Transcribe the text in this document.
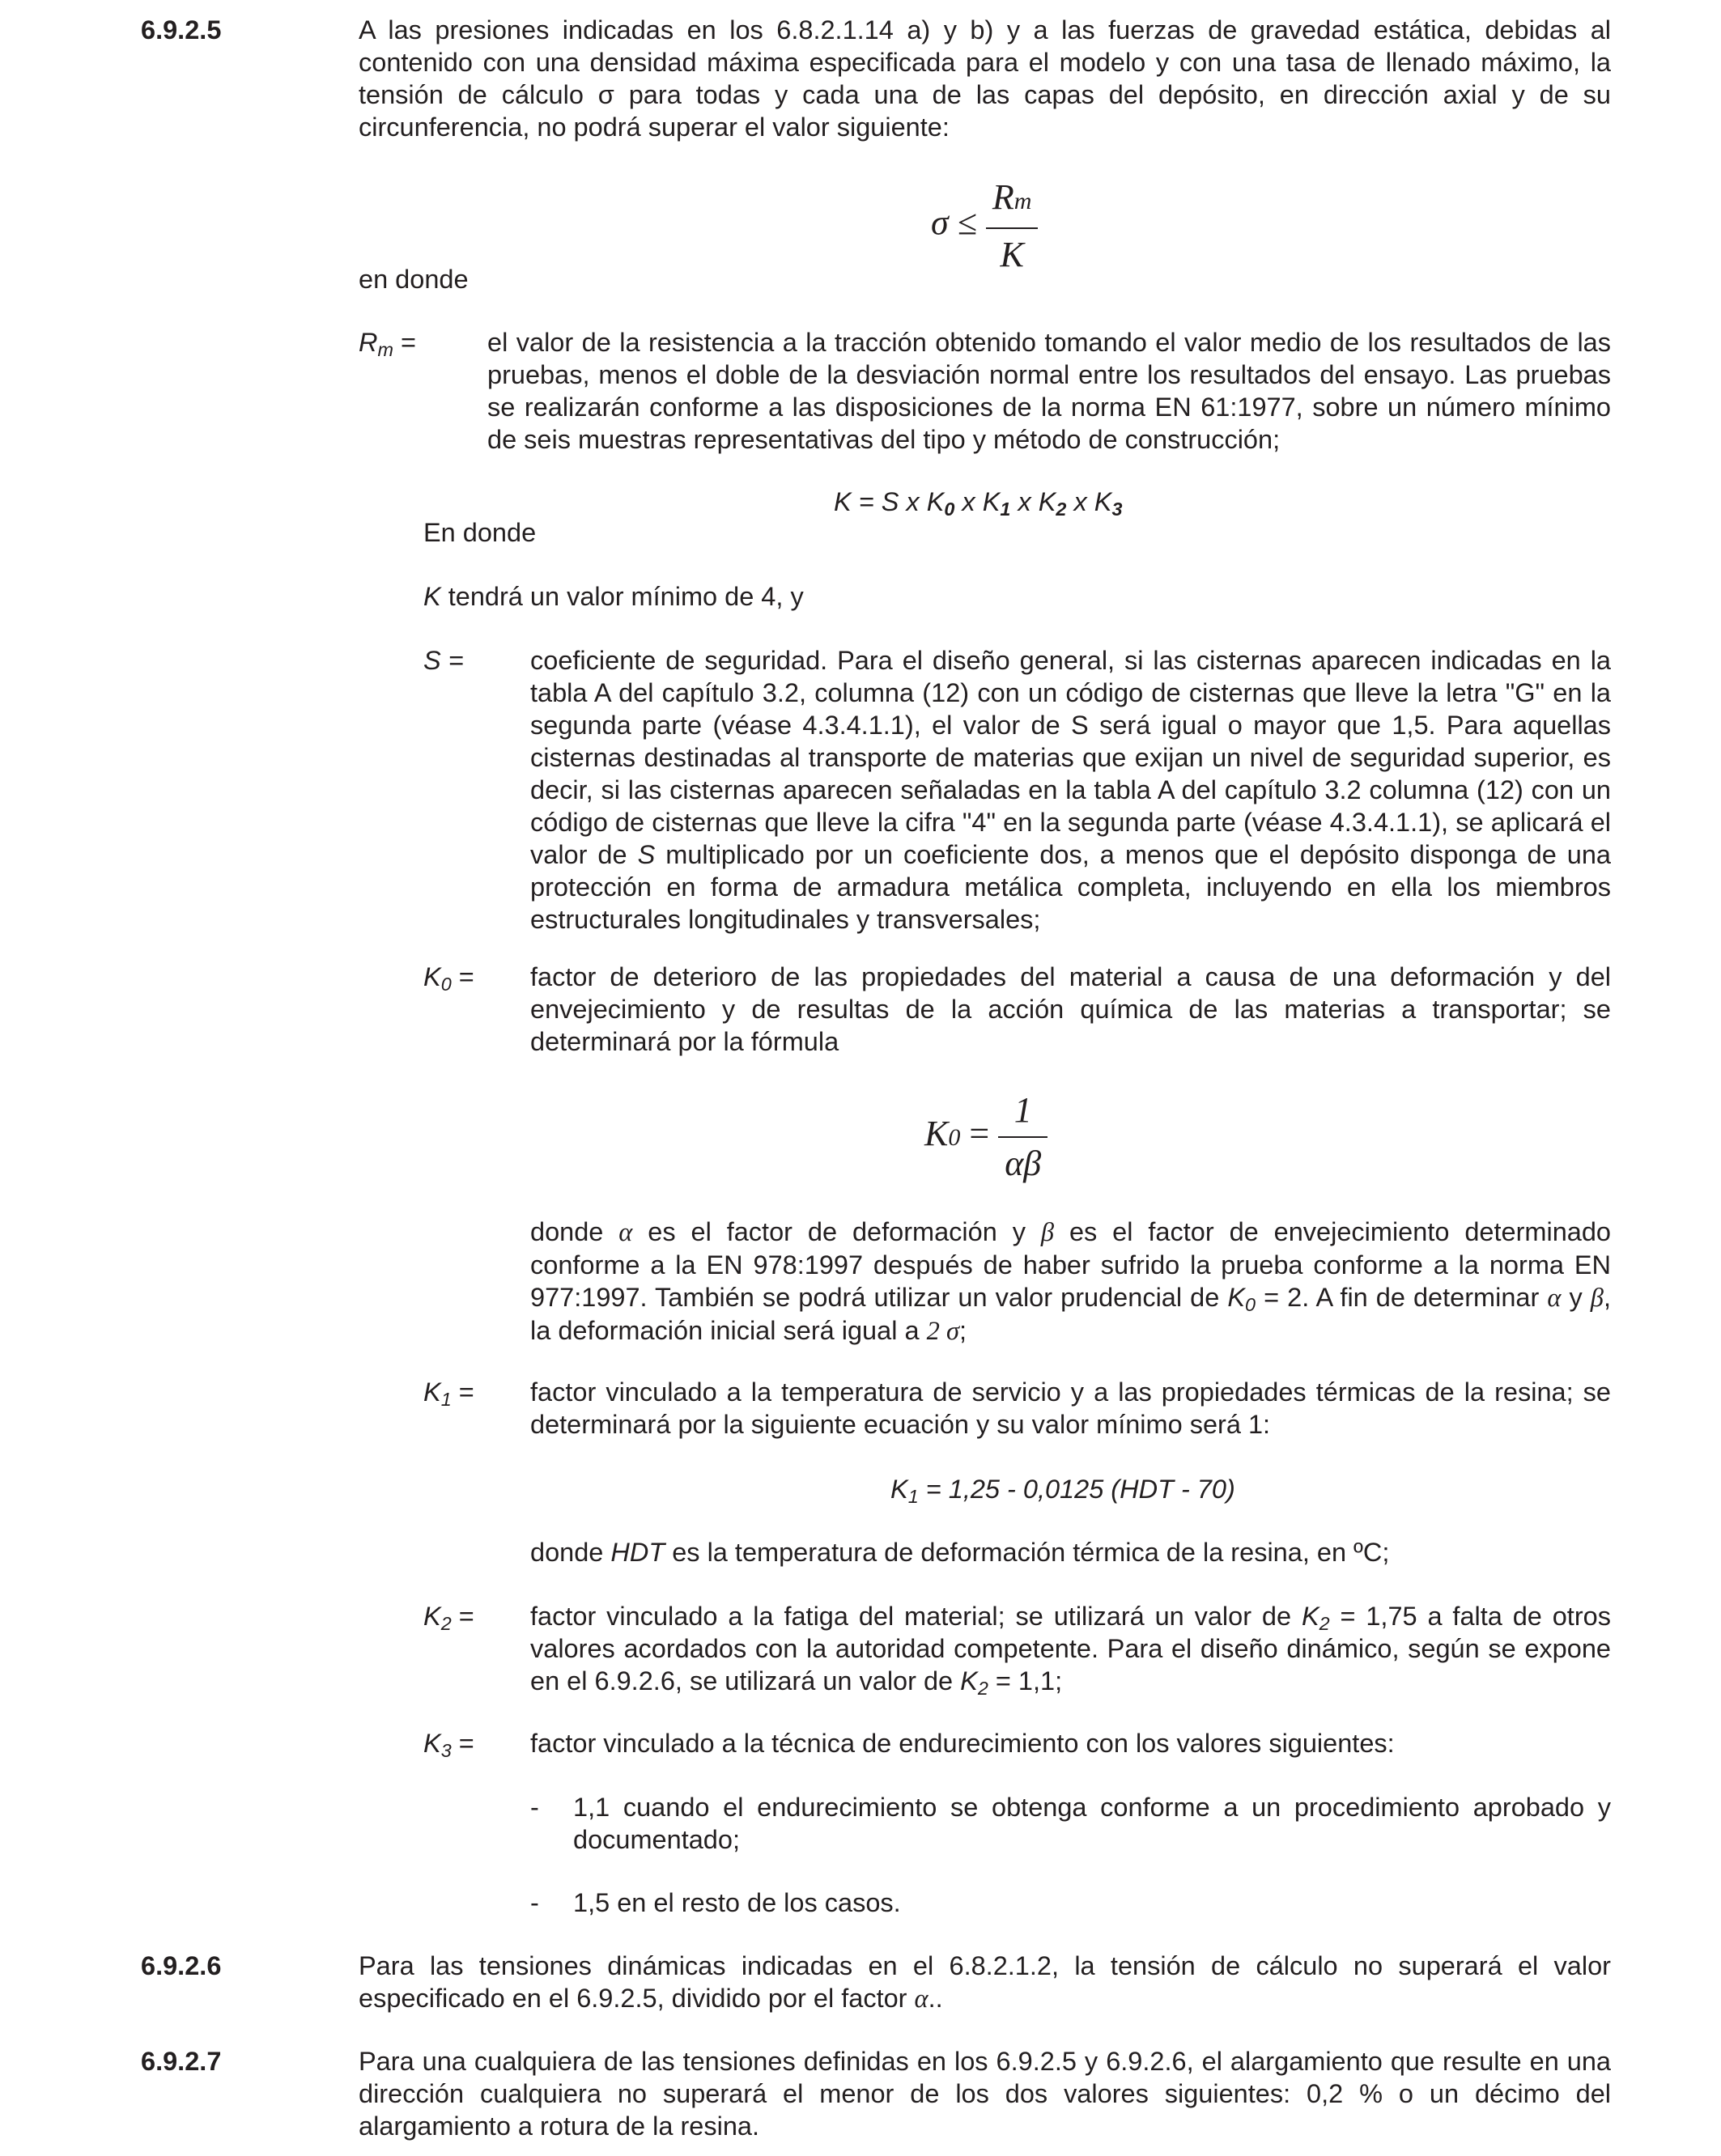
6.9.2.5	A las presiones indicadas en los 6.8.2.1.14 a) y b) y a las fuerzas de gravedad estática, debidas al contenido con una densidad máxima especificada para el modelo y con una tasa de llenado máximo, la tensión de cálculo σ para todas y cada una de las capas del depósito, en dirección axial y de su circunferencia, no podrá superar el valor siguiente:
$\sigma \le \frac{Rm}{K}$
en donde
$R_m$ =	el valor de la resistencia a la tracción obtenido tomando el valor medio de los resultados de las pruebas, menos el doble de la desviación normal entre los resultados del ensayo. Las pruebas se realizarán conforme a las disposiciones de la norma EN 61:1977, sobre un número mínimo de seis muestras representativas del tipo y método de construcción;
K = S x $K_0$ x $K_1$ x $K_2$ x $K_3$
En donde
K tendrá un valor mínimo de 4, y
S =	coeficiente de seguridad. Para el diseño general, si las cisternas aparecen indicadas en la tabla A del capítulo 3.2, columna (12) con un código de cisternas que lleve la letra "G" en la segunda parte (véase 4.3.4.1.1), el valor de S será igual o mayor que 1,5. Para aquellas cisternas destinadas al transporte de materias que exijan un nivel de seguridad superior, es decir, si las cisternas aparecen señaladas en la tabla A del capítulo 3.2 columna (12) con un código de cisternas que lleve la cifra "4" en la segunda parte (véase 4.3.4.1.1), se aplicará el valor de S multiplicado por un coeficiente dos, a menos que el depósito disponga de una protección en forma de armadura metálica completa, incluyendo en ella los miembros estructurales longitudinales y transversales;
$K_0$ = factor de deterioro de las propiedades del material a causa de una deformación y del envejecimiento y de resultas de la acción química de las materias a transportar; se determinará por la fórmula
$K0 = \frac{1}{\alpha\beta}$
donde α es el factor de deformación y β es el factor de envejecimiento determinado conforme a la EN 978:1997 después de haber sufrido la prueba conforme a la norma EN 977:1997. También se podrá utilizar un valor prudencial de $K_0 = 2$. A fin de determinar α y β, la deformación inicial será igual a 2 σ;
$K_1$ = factor vinculado a la temperatura de servicio y a las propiedades térmicas de la resina; se determinará por la siguiente ecuación y su valor mínimo será 1:
$K_1 = 1,25 - 0,0125$ (HDT - 70)
donde HDT es la temperatura de deformación térmica de la resina, en ºC;
$K_2$ = factor vinculado a la fatiga del material; se utilizará un valor de $K_2 = 1,75$ a falta de otros valores acordados con la autoridad competente. Para el diseño dinámico, según se expone en el 6.9.2.6, se utilizará un valor de $K_2 = 1,1$;
$K_3$ = factor vinculado a la técnica de endurecimiento con los valores siguientes:
- 1,1 cuando el endurecimiento se obtenga conforme a un procedimiento aprobado y documentado;
- 1,5 en el resto de los casos.
6.9.2.6	Para las tensiones dinámicas indicadas en el 6.8.2.1.2, la tensión de cálculo no superará el valor especificado en el 6.9.2.5, dividido por el factor α..
6.9.2.7	Para una cualquiera de las tensiones definidas en los 6.9.2.5 y 6.9.2.6, el alargamiento que resulte en una dirección cualquiera no superará el menor de los dos valores siguientes: 0,2 % o un décimo del alargamiento a rotura de la resina.
